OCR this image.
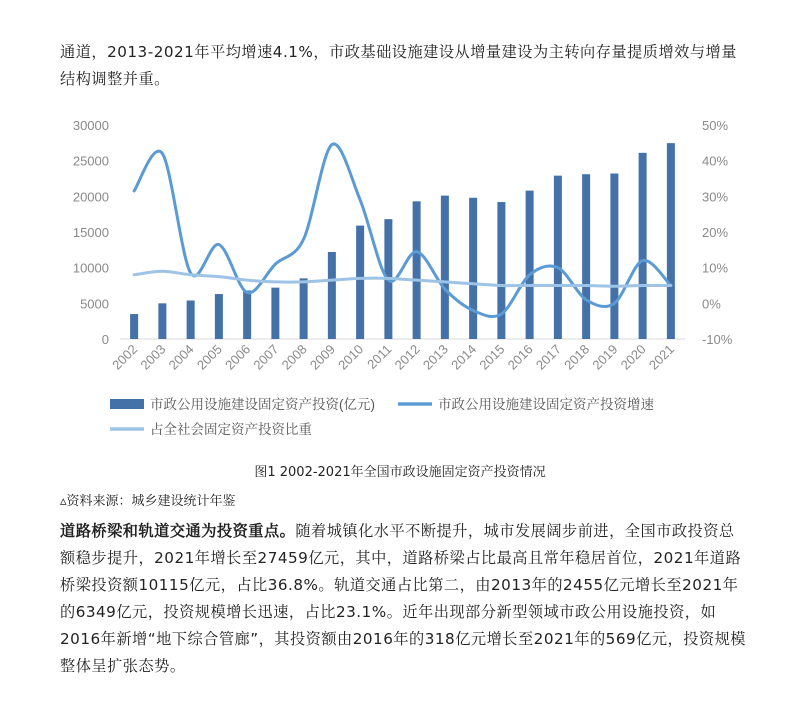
通道，2013-2021年平均增速4.1%，市政基础设施建设从增量建设为主转向存量提质增效与增量结构调整并重。

0
5000
10000
15000
20000
25000
30000
-10%
0%
10%
20%
30%
40%
50%
2002
2003
2004
2005
2006
2007
2008
2009
2010
2011
2012
2013
2014
2015
2016
2017
2018
2019
2020
2021
市政公用设施建设固定资产投资(亿元)	市政公用设施建设固定资产投资增速
占全社会固定资产投资比重
图1 2002-2021年全国市政设施固定资产投资情况
▵资料来源：城乡建设统计年鉴

道路桥梁和轨道交通为投资重点。随着城镇化水平不断提升，城市发展阔步前进，全国市政投资总额稳步提升，2021年增长至27459亿元，其中，道路桥梁占比最高且常年稳居首位，2021年道路桥梁投资额10115亿元，占比36.8%。轨道交通占比第二，由2013年的2455亿元增长至2021年的6349亿元，投资规模增长迅速，占比23.1%。近年出现部分新型领域市政公用设施投资，如2016年新增“地下综合管廊”，其投资额由2016年的318亿元增长至2021年的569亿元，投资规模整体呈扩张态势。
